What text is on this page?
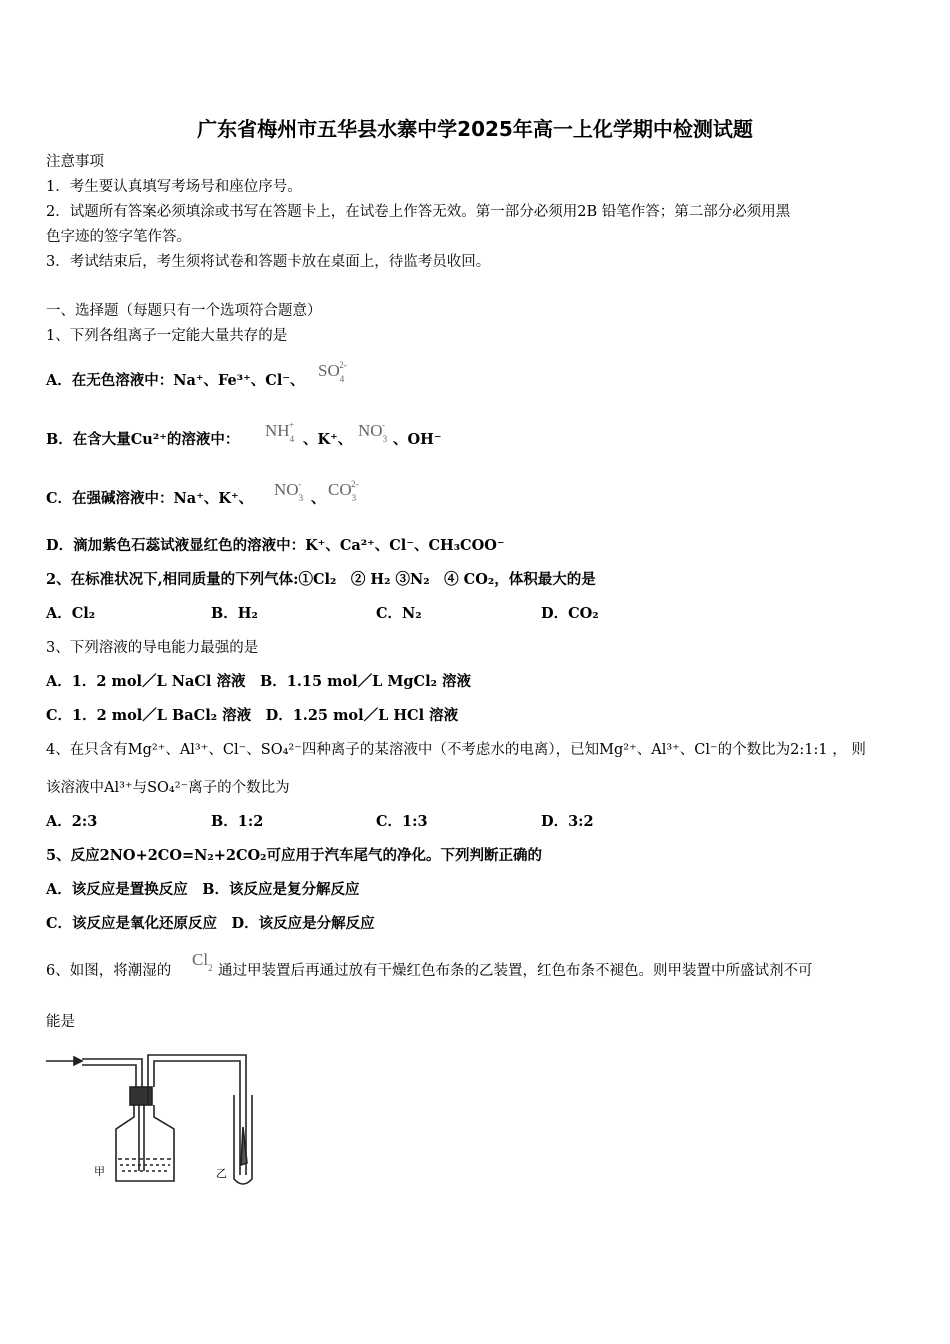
广东省梅州市五华县水寨中学2025年高一上化学期中检测试题
注意事项
1．考生要认真填写考场号和座位序号。
2．试题所有答案必须填涂或书写在答题卡上，在试卷上作答无效。第一部分必须用2B 铅笔作答；第二部分必须用黑
色字迹的签字笔作答。
3．考试结束后，考生须将试卷和答题卡放在桌面上，待监考员收回。
一、选择题（每题只有一个选项符合题意）
1、下列各组离子一定能大量共存的是
A．在无色溶液中：Na⁺、Fe³⁺、Cl⁻、
$SO_4^{2-}$
B．在含大量Cu²⁺的溶液中： $NH_4^+$
、K⁺、 $NO_3^-$
、OH⁻
C．在强碱溶液中：Na⁺、K⁺、 $NO_3^-$
、 $CO_3^{2-}$
D．滴加紫色石蕊试液显红色的溶液中：K⁺、Ca²⁺、Cl⁻、CH₃COO⁻
2、在标准状况下,相同质量的下列气体:①Cl₂　② H₂ ③N₂　④ CO₂，体积最大的是
A．Cl₂	B．H₂	C．N₂	D．CO₂
3、下列溶液的导电能力最强的是
A．1．2 mol／L NaCl 溶液　B．1.15 mol／L MgCl₂ 溶液
C．1．2 mol／L BaCl₂ 溶液　D．1.25 mol／L HCl 溶液
4、在只含有Mg²⁺、Al³⁺、Cl⁻、SO₄²⁻四种离子的某溶液中（不考虑水的电离），已知Mg²⁺、Al³⁺、Cl⁻的个数比为2:1:1 ， 则
该溶液中Al³⁺与SO₄²⁻离子的个数比为
A．2:3	B．1:2	C．1:3	D．3:2
5、反应2NO+2CO=N₂+2CO₂可应用于汽车尾气的净化。下列判断正确的
A．该反应是置换反应　B．该反应是复分解反应
C．该反应是氧化还原反应　D．该反应是分解反应
6、如图，将潮湿的
$Cl_2$ 通过甲装置后再通过放有干燥红色布条的乙装置，红色布条不褪色。则甲装置中所盛试剂不可
能是
甲	乙
